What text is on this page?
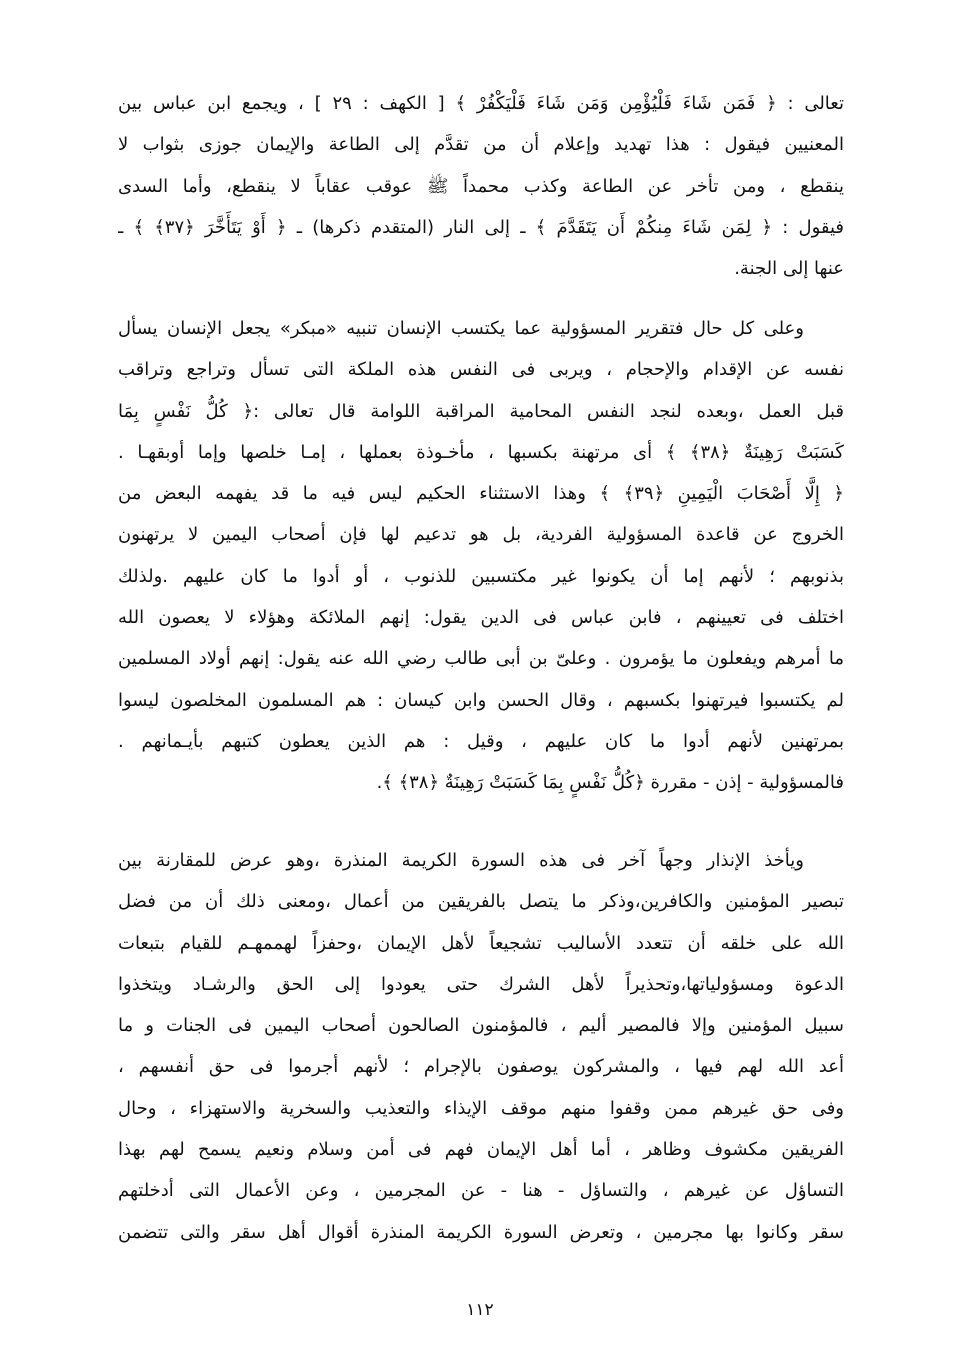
تعالى : ﴿ فَمَن شَاءَ فَلْيُؤْمِن وَمَن شَاءَ فَلْيَكْفُرْ ﴾ [ الكهف : ٢٩ ] ، ويجمع ابن عباس بين
المعنيين فيقول : هذا تهديد وإعلام أن من تقدَّم إلى الطاعة والإيمان جوزى بثواب لا
ينقطع ، ومن تأخر عن الطاعة وكذب محمداً ﷺ عوقب عقاباً لا ينقطع، وأما السدى
فيقول : ﴿ لِمَن شَاءَ مِنكُمْ أَن يَتَقَدَّمَ ﴾ ـ إلى النار (المتقدم ذكرها) ـ ﴿ أَوْ يَتَأَخَّرَ ﴿٣٧﴾ ﴾ ـ
عنها إلى الجنة.
وعلى كل حال فتقرير المسؤولية عما يكتسب الإنسان تنبيه «مبكر» يجعل الإنسان يسأل
نفسه عن الإقدام والإحجام ، ويربى فى النفس هذه الملكة التى تسأل وتراجع وتراقب
قبل العمل ،وبعده لنجد النفس المحامية المراقبة اللوامة قال تعالى :﴿ كُلُّ نَفْسٍ بِمَا
كَسَبَتْ رَهِينَةٌ ﴿٣٨﴾ ﴾ أى مرتهنة بكسبها ، مأخـوذة بعملها ، إمـا خلصها وإما أوبقهـا .
﴿ إِلَّا أَصْحَابَ الْيَمِينِ ﴿٣٩﴾ ﴾ وهذا الاستثناء الحكيم ليس فيه ما قد يفهمه البعض من
الخروج عن قاعدة المسؤولية الفردية، بل هو تدعيم لها فإن أصحاب اليمين لا يرتهنون
بذنوبهم ؛ لأنهم إما أن يكونوا غير مكتسبين للذنوب ، أو أدوا ما كان عليهم .ولذلك
اختلف فى تعيينهم ، فابن عباس فى الدين يقول: إنهم الملائكة وهؤلاء لا يعصون الله
ما أمرهم ويفعلون ما يؤمرون . وعلىّ بن أبى طالب رضي الله عنه يقول: إنهم أولاد المسلمين
لم يكتسبوا فيرتهنوا بكسبهم ، وقال الحسن وابن كيسان : هم المسلمون المخلصون ليسوا
بمرتهنين لأنهم أدوا ما كان عليهم ، وقيل : هم الذين يعطون كتبهم بأيـمانهم .
فالمسؤولية - إذن - مقررة ﴿كُلُّ نَفْسٍ بِمَا كَسَبَتْ رَهِينَةٌ ﴿٣٨﴾ ﴾.
ويأخذ الإنذار وجهاً آخر فى هذه السورة الكريمة المنذرة ،وهو عرض للمقارنة بين
تبصير المؤمنين والكافرين،وذكر ما يتصل بالفريقين من أعمال ،ومعنى ذلك أن من فضل
الله على خلقه أن تتعدد الأساليب تشجيعاً لأهل الإيمان ،وحفزاً لهممهـم للقيام بتبعات
الدعوة ومسؤولياتها،وتحذيراً لأهل الشرك حتى يعودوا إلى الحق والرشـاد ويتخذوا
سبيل المؤمنين وإلا فالمصير أليم ، فالمؤمنون الصالحون أصحاب اليمين فى الجنات و ما
أعد الله لهم فيها ، والمشركون يوصفون بالإجرام ؛ لأنهم أجرموا فى حق أنفسهم ،
وفى حق غيرهم ممن وقفوا منهم موقف الإيذاء والتعذيب والسخرية والاستهزاء ، وحال
الفريقين مكشوف وظاهر ، أما أهل الإيمان فهم فى أمن وسلام ونعيم يسمح لهم بهذا
التساؤل عن غيرهم ، والتساؤل - هنا - عن المجرمين ، وعن الأعمال التى أدخلتهم
سقر وكانوا بها مجرمين ، وتعرض السورة الكريمة المنذرة أقوال أهل سقر والتى تتضمن
١١٢
